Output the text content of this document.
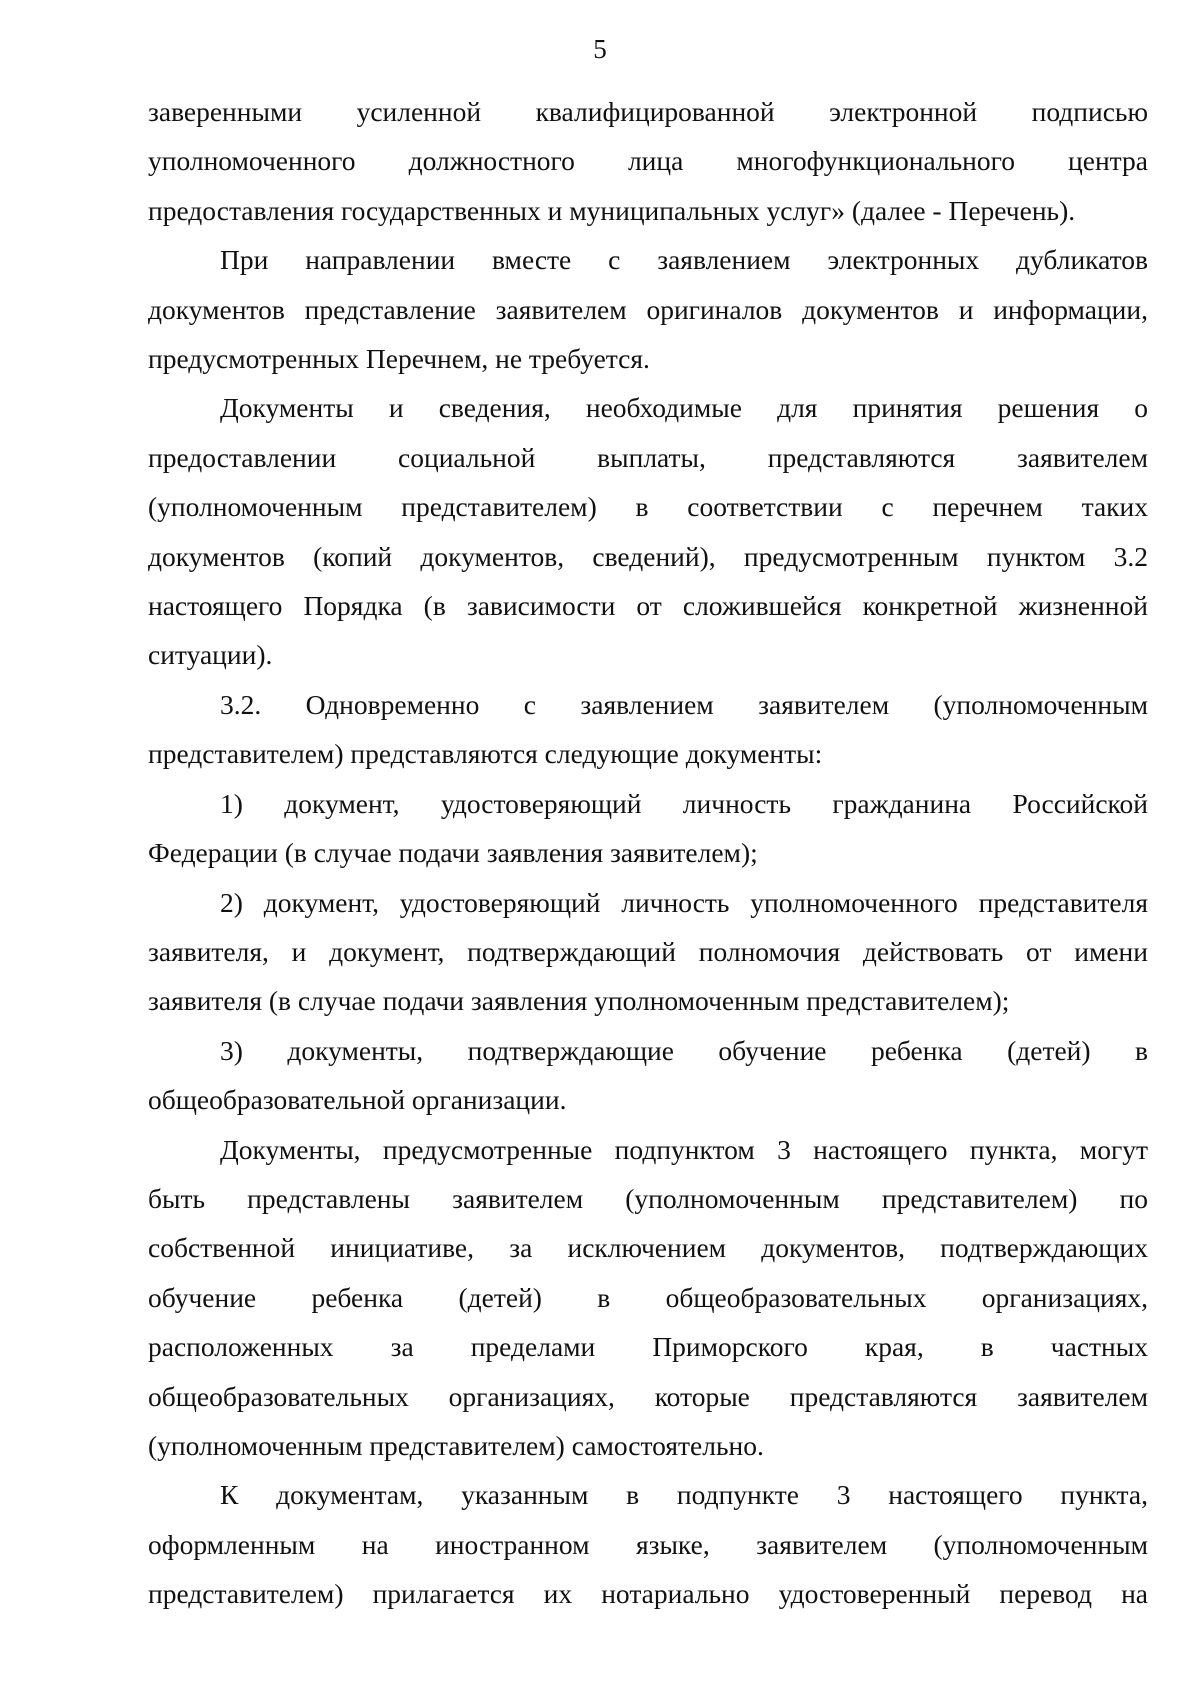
5
заверенными усиленной квалифицированной электронной подписью
уполномоченного должностного лица многофункционального центра
предоставления государственных и муниципальных услуг» (далее - Перечень).
При направлении вместе с заявлением электронных дубликатов
документов представление заявителем оригиналов документов и информации,
предусмотренных Перечнем, не требуется.
Документы и сведения, необходимые для принятия решения о
предоставлении социальной выплаты, представляются заявителем
(уполномоченным представителем) в соответствии с перечнем таких
документов (копий документов, сведений), предусмотренным пунктом 3.2
настоящего Порядка (в зависимости от сложившейся конкретной жизненной
ситуации).
3.2. Одновременно с заявлением заявителем (уполномоченным
представителем) представляются следующие документы:
1) документ, удостоверяющий личность гражданина Российской
Федерации (в случае подачи заявления заявителем);
2) документ, удостоверяющий личность уполномоченного представителя
заявителя, и документ, подтверждающий полномочия действовать от имени
заявителя (в случае подачи заявления уполномоченным представителем);
3) документы, подтверждающие обучение ребенка (детей) в
общеобразовательной организации.
Документы, предусмотренные подпунктом 3 настоящего пункта, могут
быть представлены заявителем (уполномоченным представителем) по
собственной инициативе, за исключением документов, подтверждающих
обучение ребенка (детей) в общеобразовательных организациях,
расположенных за пределами Приморского края, в частных
общеобразовательных организациях, которые представляются заявителем
(уполномоченным представителем) самостоятельно.
К документам, указанным в подпункте 3 настоящего пункта,
оформленным на иностранном языке, заявителем (уполномоченным
представителем) прилагается их нотариально удостоверенный перевод на
